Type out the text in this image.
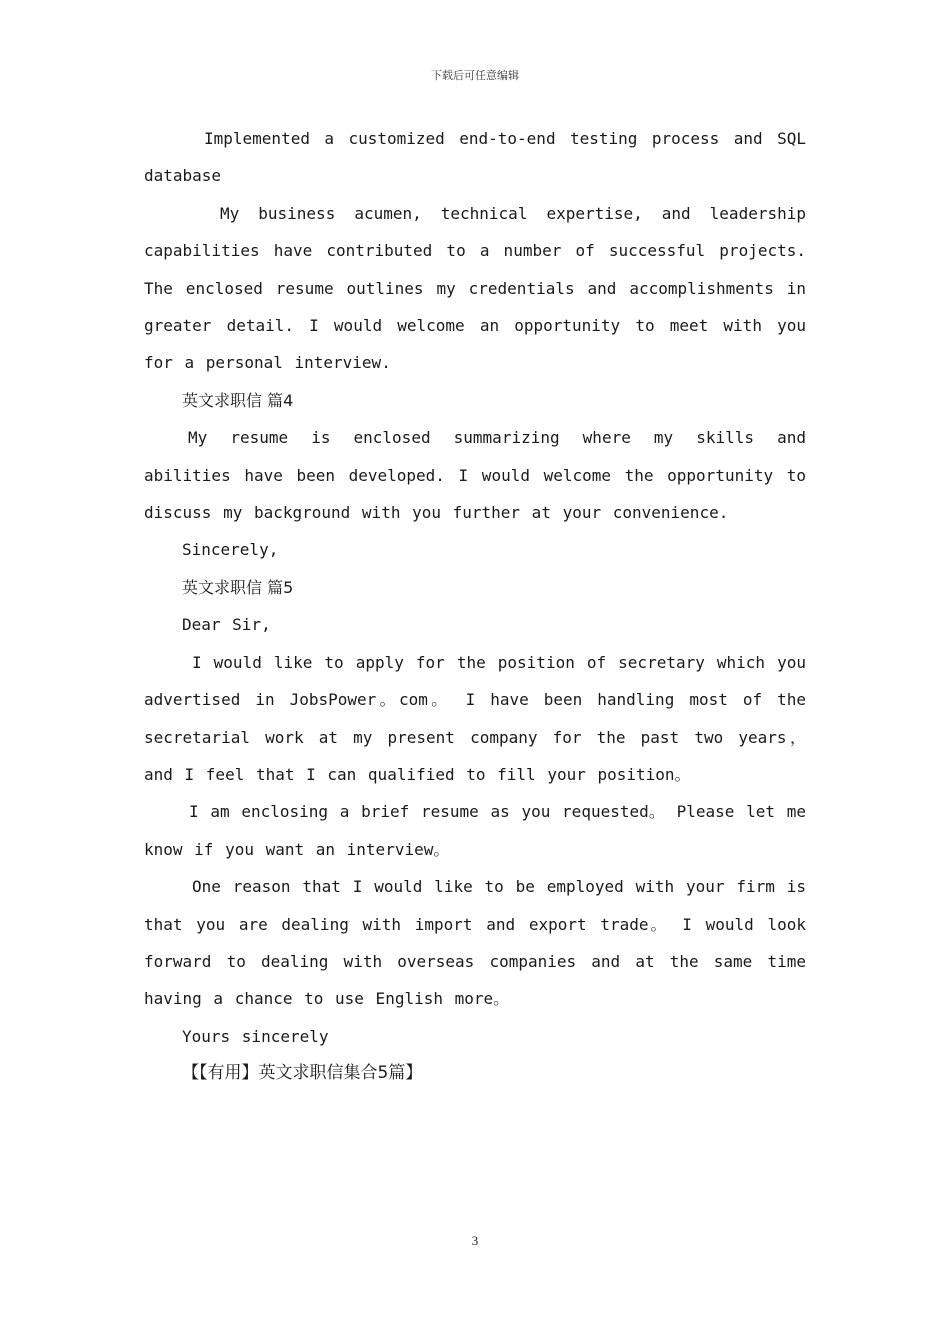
下载后可任意编辑

Implemented a customized end-to-end testing process and SQL database

My business acumen, technical expertise, and leadership capabilities have contributed to a number of successful projects. The enclosed resume outlines my credentials and accomplishments in greater detail. I would welcome an opportunity to meet with you for a personal interview.

英文求职信 篇4

My resume is enclosed summarizing where my skills and abilities have been developed. I would welcome the opportunity to discuss my background with you further at your convenience.

Sincerely,

英文求职信 篇5

Dear Sir,

I would like to apply for the position of secretary which you advertised in JobsPower。com。 I have been handling most of the secretarial work at my present company for the past two years， and I feel that I can qualified to fill your position。

I am enclosing a brief resume as you requested。 Please let me know if you want an interview。

One reason that I would like to be employed with your firm is that you are dealing with import and export trade。 I would look forward to dealing with overseas companies and at the same time having a chance to use English more。

Yours sincerely

【【有用】英文求职信集合5篇】

3
